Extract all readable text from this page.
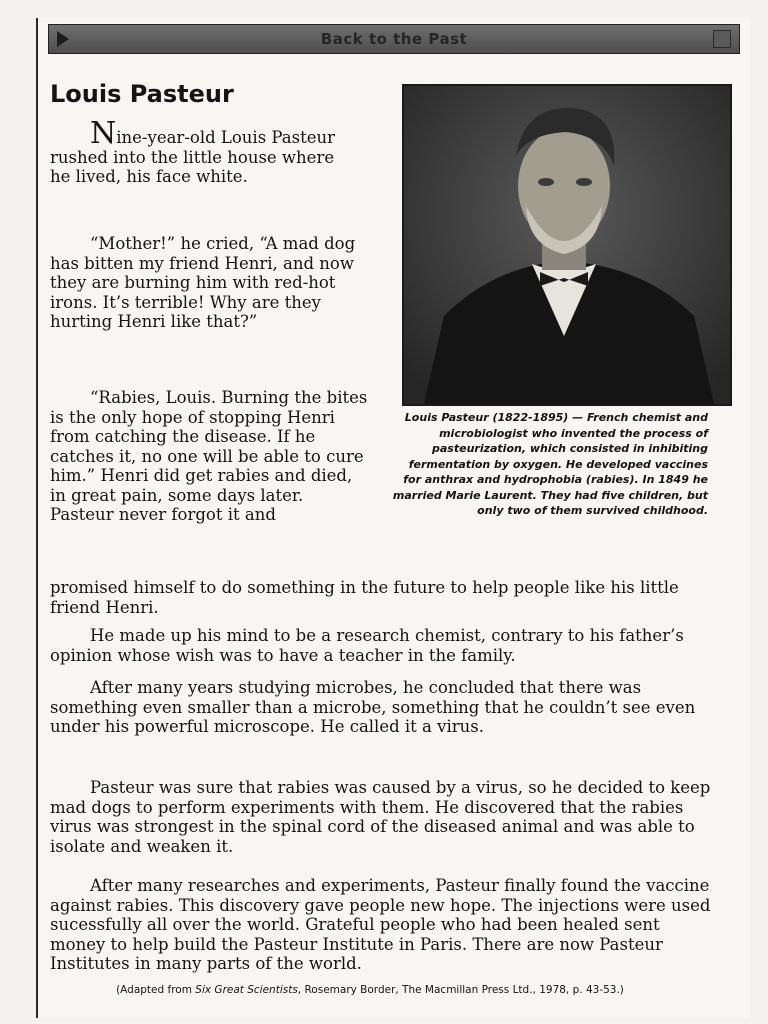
Back to the Past
Louis Pasteur

Louis Pasteur (1822-1895) — French chemist and microbiologist who invented the process of pasteurization, which consisted in inhibiting fermentation by oxygen. He developed vaccines for anthrax and hydrophobia (rabies). In 1849 he married Marie Laurent. They had five children, but only two of them survived childhood.

Nine-year-old Louis Pasteur rushed into the little house where he lived, his face white.

“Mother!” he cried, “A mad dog has bitten my friend Henri, and now they are burning him with red-hot irons. It’s terrible! Why are they hurting Henri like that?”

“Rabies, Louis. Burning the bites is the only hope of stopping Henri from catching the disease. If he catches it, no one will be able to cure him.” Henri did get rabies and died, in great pain, some days later. Pasteur never forgot it and

promised himself to do something in the future to help people like his little friend Henri.

He made up his mind to be a research chemist, contrary to his father’s opinion whose wish was to have a teacher in the family.

After many years studying microbes, he concluded that there was something even smaller than a microbe, something that he couldn’t see even under his powerful microscope. He called it a virus.

Pasteur was sure that rabies was caused by a virus, so he decided to keep mad dogs to perform experiments with them. He discovered that the rabies virus was strongest in the spinal cord of the diseased animal and was able to isolate and weaken it.

After many researches and experiments, Pasteur finally found the vaccine against rabies. This discovery gave people new hope. The injections were used sucessfully all over the world. Grateful people who had been healed sent money to help build the Pasteur Institute in Paris. There are now Pasteur Institutes in many parts of the world.

(Adapted from Six Great Scientists, Rosemary Border, The Macmillan Press Ltd., 1978, p. 43-53.)
